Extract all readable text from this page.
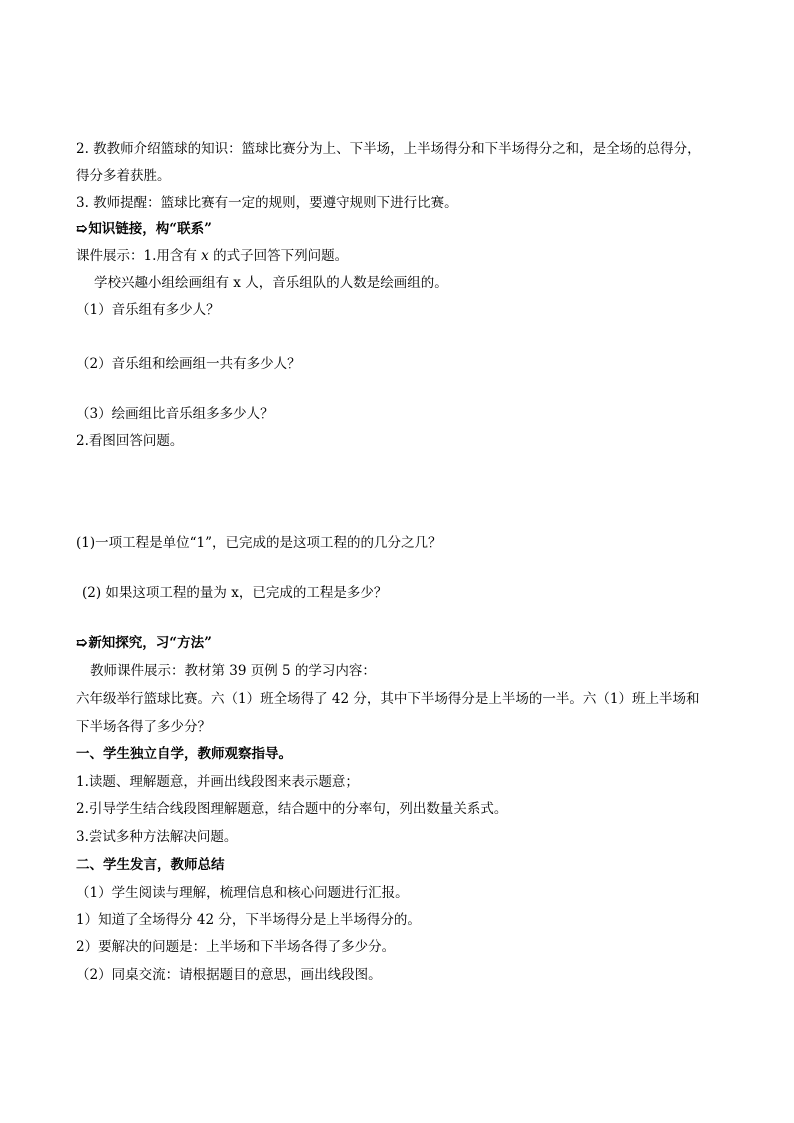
2. 教教师介绍篮球的知识：篮球比赛分为上、下半场，上半场得分和下半场得分之和，是全场的总得分，
得分多着获胜。
3. 教师提醒：篮球比赛有一定的规则，要遵守规则下进行比赛。
➯知识链接，构“联系”
课件展示：1.用含有 x 的式子回答下列问题。
学校兴趣小组绘画组有 x 人，音乐组队的人数是绘画组的。
（1）音乐组有多少人？
（2）音乐组和绘画组一共有多少人？
（3）绘画组比音乐组多多少人？
2.看图回答问题。
(1)一项工程是单位“1”，已完成的是这项工程的的几分之几？
(2) 如果这项工程的量为 x，已完成的工程是多少？
➯新知探究，习“方法”
教师课件展示：教材第 39 页例 5 的学习内容：
六年级举行篮球比赛。六（1）班全场得了 42 分，其中下半场得分是上半场的一半。六（1）班上半场和
下半场各得了多少分？
一、学生独立自学，教师观察指导。
1.读题、理解题意，并画出线段图来表示题意；
2.引导学生结合线段图理解题意，结合题中的分率句，列出数量关系式。
3.尝试多种方法解决问题。
二、学生发言，教师总结
（1）学生阅读与理解，梳理信息和核心问题进行汇报。
1）知道了全场得分 42 分，下半场得分是上半场得分的。
2）要解决的问题是：上半场和下半场各得了多少分。
（2）同桌交流：请根据题目的意思，画出线段图。
